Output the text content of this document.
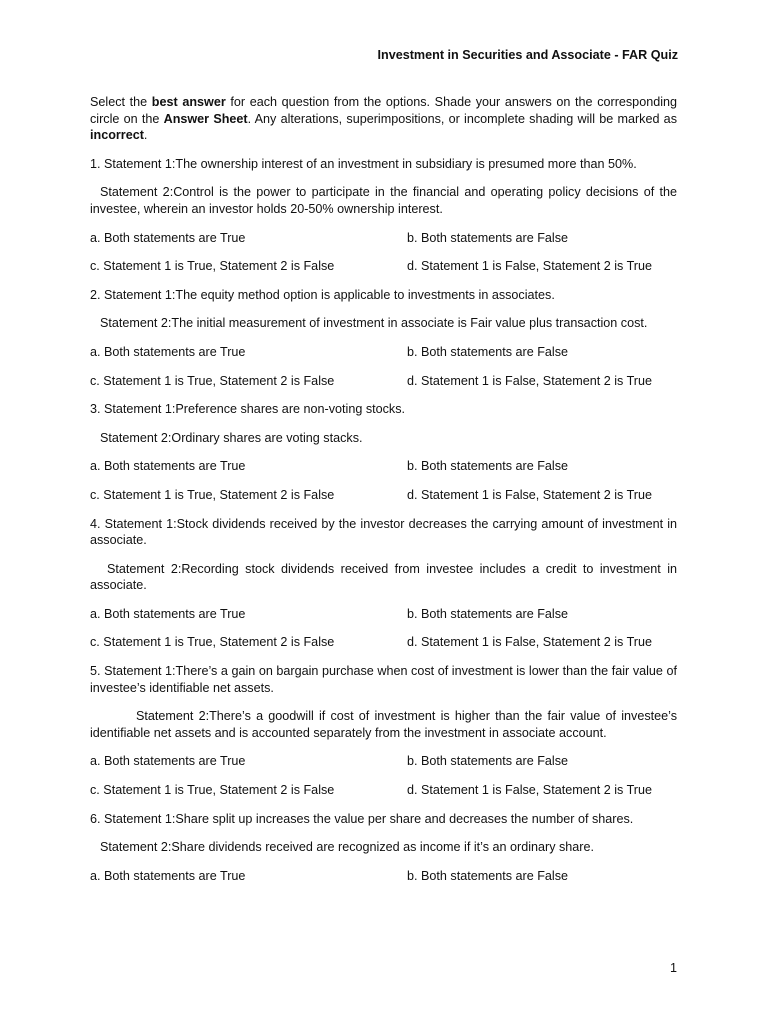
Investment in Securities and Associate - FAR Quiz

Select the best answer for each question from the options. Shade your answers on the corresponding circle on the Answer Sheet. Any alterations, superimpositions, or incomplete shading will be marked as incorrect.

1. Statement 1:The ownership interest of an investment in subsidiary is presumed more than 50%.

Statement 2:Control is the power to participate in the financial and operating policy decisions of the investee, wherein an investor holds 20-50% ownership interest.

a. Both statements are True	b. Both statements are False
c. Statement 1 is True, Statement 2 is False	d. Statement 1 is False, Statement 2 is True

2. Statement 1:The equity method option is applicable to investments in associates.

Statement 2:The initial measurement of investment in associate is Fair value plus transaction cost.

a. Both statements are True	b. Both statements are False
c. Statement 1 is True, Statement 2 is False	d. Statement 1 is False, Statement 2 is True

3. Statement 1:Preference shares are non-voting stocks.

Statement 2:Ordinary shares are voting stacks.

a. Both statements are True	b. Both statements are False
c. Statement 1 is True, Statement 2 is False	d. Statement 1 is False, Statement 2 is True

4. Statement 1:Stock dividends received by the investor decreases the carrying amount of investment in associate.

Statement 2:Recording stock dividends received from investee includes a credit to investment in associate.

a. Both statements are True	b. Both statements are False
c. Statement 1 is True, Statement 2 is False	d. Statement 1 is False, Statement 2 is True

5. Statement 1:There’s a gain on bargain purchase when cost of investment is lower than the fair value of investee’s identifiable net assets.

Statement 2:There’s a goodwill if cost of investment is higher than the fair value of investee’s identifiable net assets and is accounted separately from the investment in associate account.

a. Both statements are True	b. Both statements are False
c. Statement 1 is True, Statement 2 is False	d. Statement 1 is False, Statement 2 is True

6. Statement 1:Share split up increases the value per share and decreases the number of shares.

Statement 2:Share dividends received are recognized as income if it’s an ordinary share.

a. Both statements are True	b. Both statements are False
1
